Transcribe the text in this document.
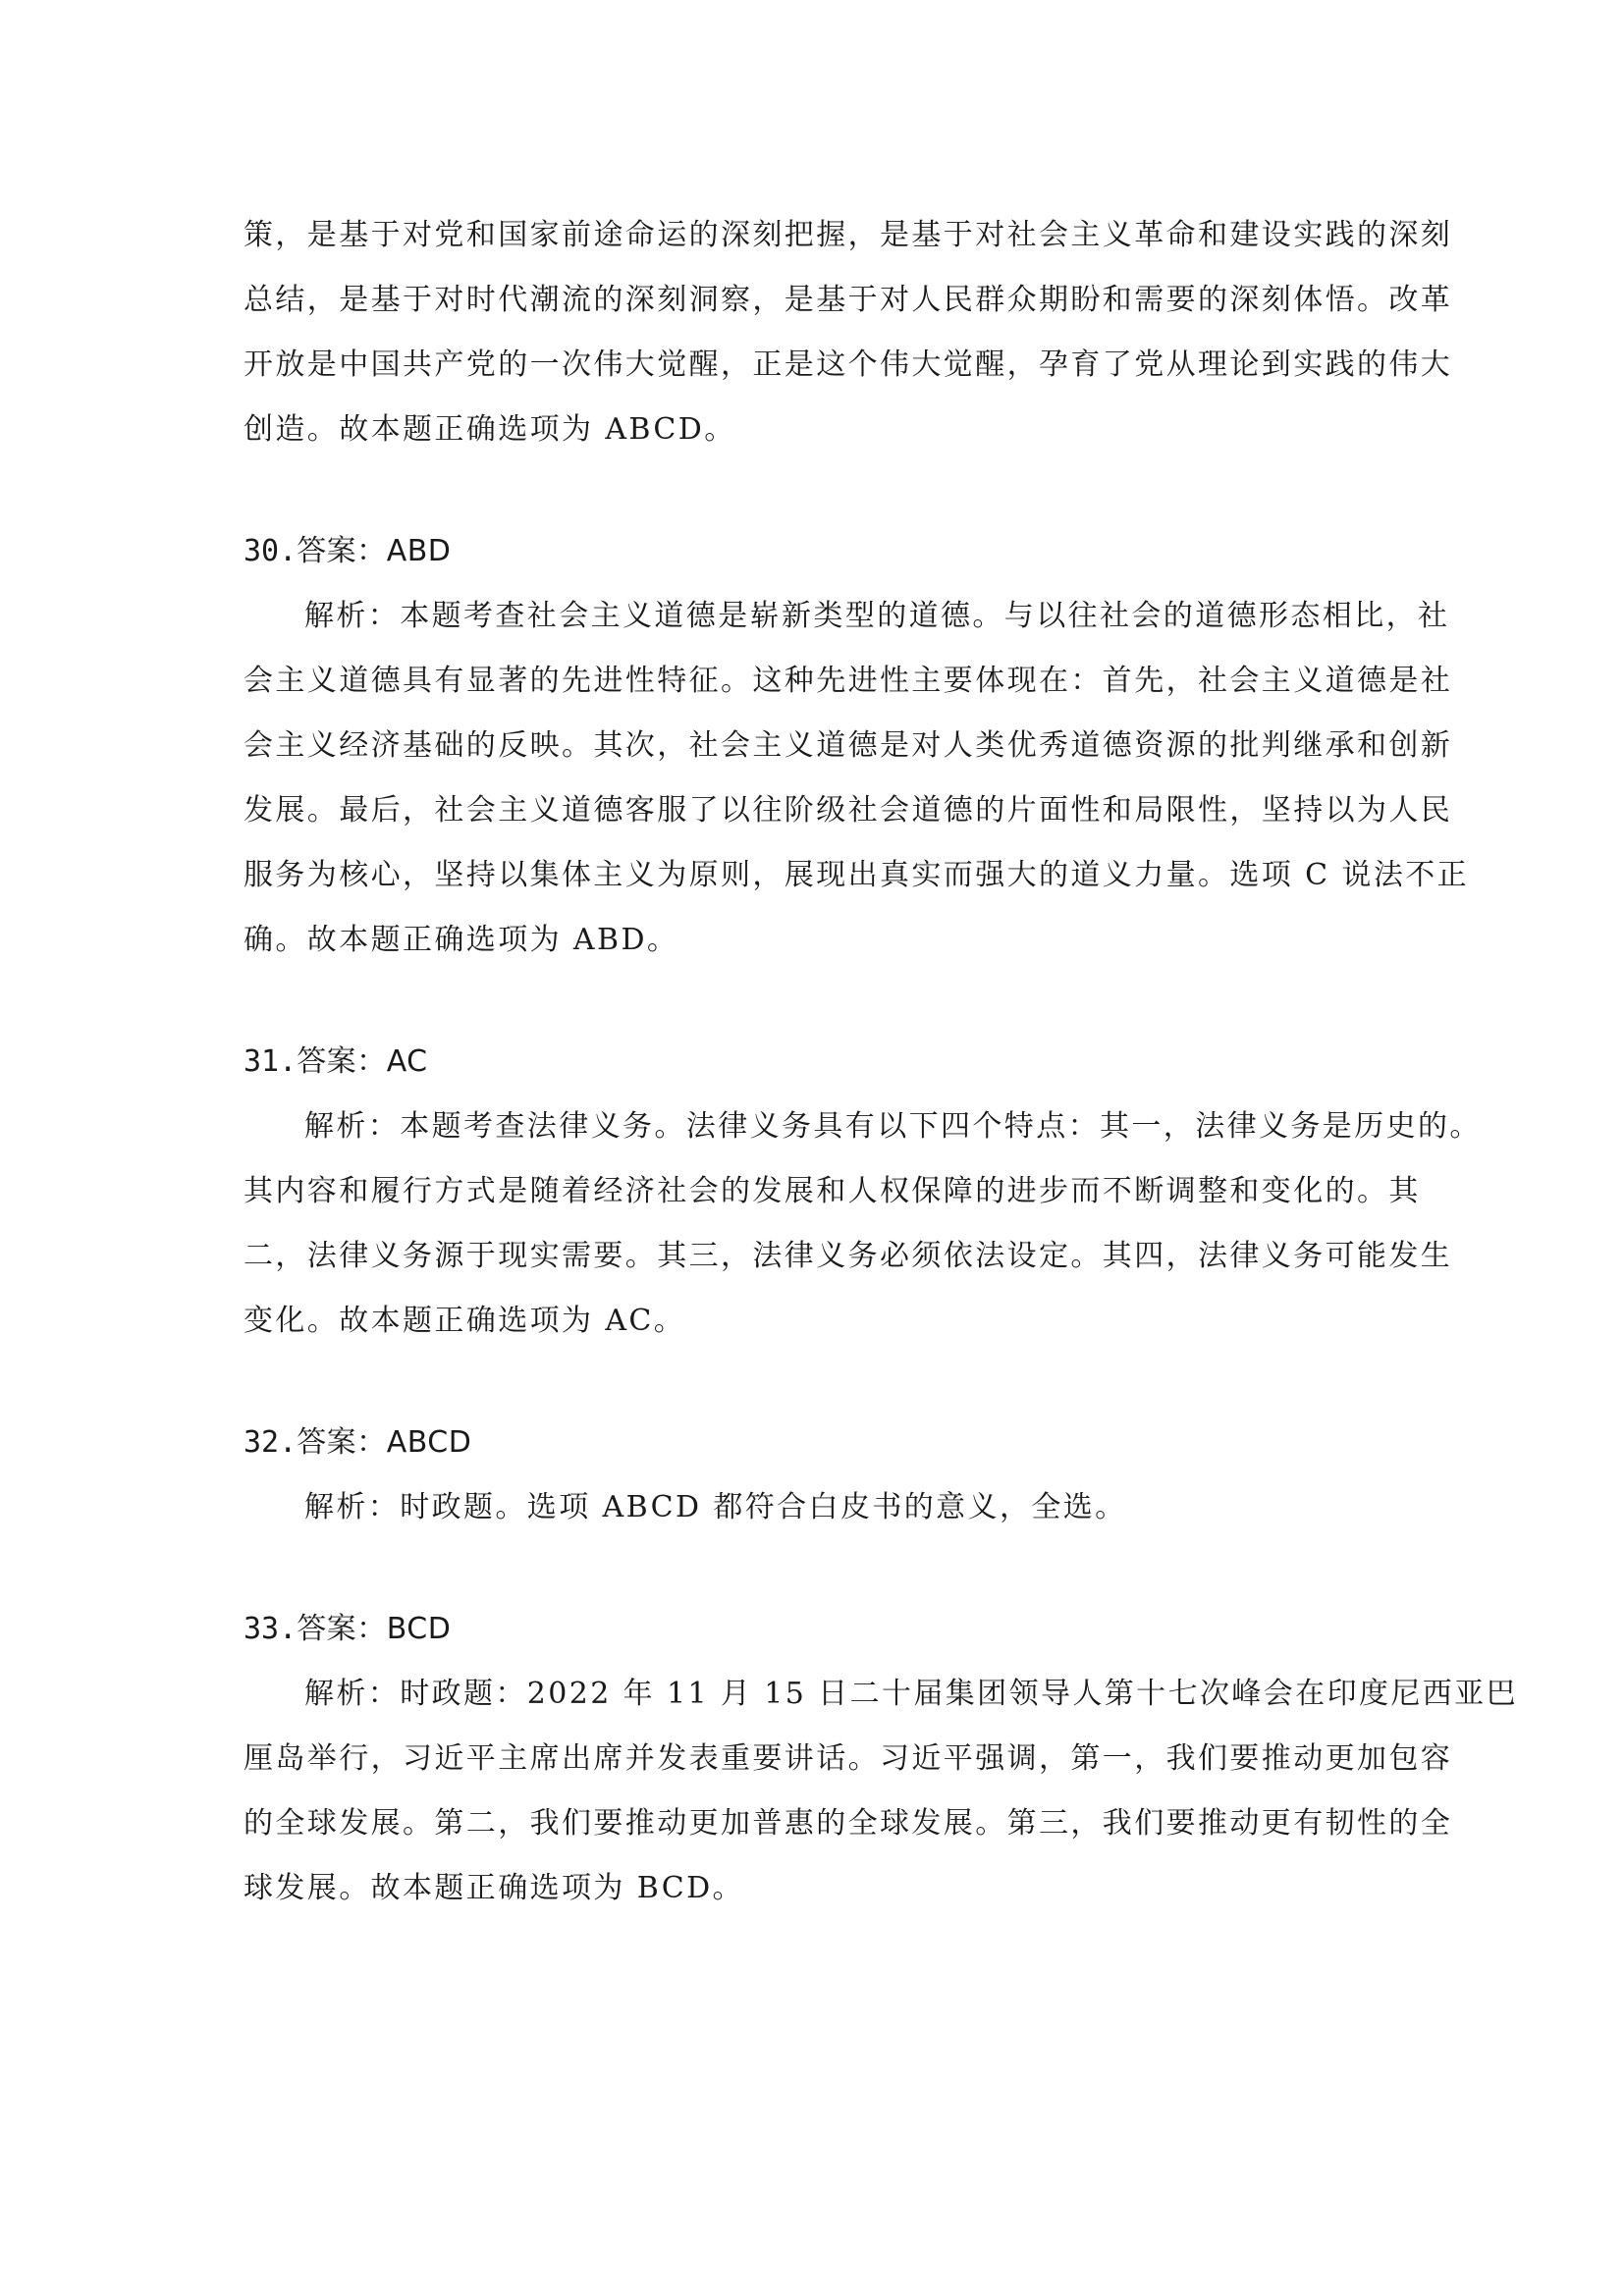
策，是基于对党和国家前途命运的深刻把握，是基于对社会主义革命和建设实践的深刻
总结，是基于对时代潮流的深刻洞察，是基于对人民群众期盼和需要的深刻体悟。改革
开放是中国共产党的一次伟大觉醒，正是这个伟大觉醒，孕育了党从理论到实践的伟大
创造。故本题正确选项为 ABCD。
30.答案：ABD
解析：本题考查社会主义道德是崭新类型的道德。与以往社会的道德形态相比，社
会主义道德具有显著的先进性特征。这种先进性主要体现在：首先，社会主义道德是社
会主义经济基础的反映。其次，社会主义道德是对人类优秀道德资源的批判继承和创新
发展。最后，社会主义道德客服了以往阶级社会道德的片面性和局限性，坚持以为人民
服务为核心，坚持以集体主义为原则，展现出真实而强大的道义力量。选项 C 说法不正
确。故本题正确选项为 ABD。
31.答案：AC
解析：本题考查法律义务。法律义务具有以下四个特点：其一，法律义务是历史的。
其内容和履行方式是随着经济社会的发展和人权保障的进步而不断调整和变化的。其
二，法律义务源于现实需要。其三，法律义务必须依法设定。其四，法律义务可能发生
变化。故本题正确选项为 AC。
32.答案：ABCD
解析：时政题。选项 ABCD 都符合白皮书的意义，全选。
33.答案：BCD
解析：时政题：2022 年 11 月 15 日二十届集团领导人第十七次峰会在印度尼西亚巴
厘岛举行，习近平主席出席并发表重要讲话。习近平强调，第一，我们要推动更加包容
的全球发展。第二，我们要推动更加普惠的全球发展。第三，我们要推动更有韧性的全
球发展。故本题正确选项为 BCD。
